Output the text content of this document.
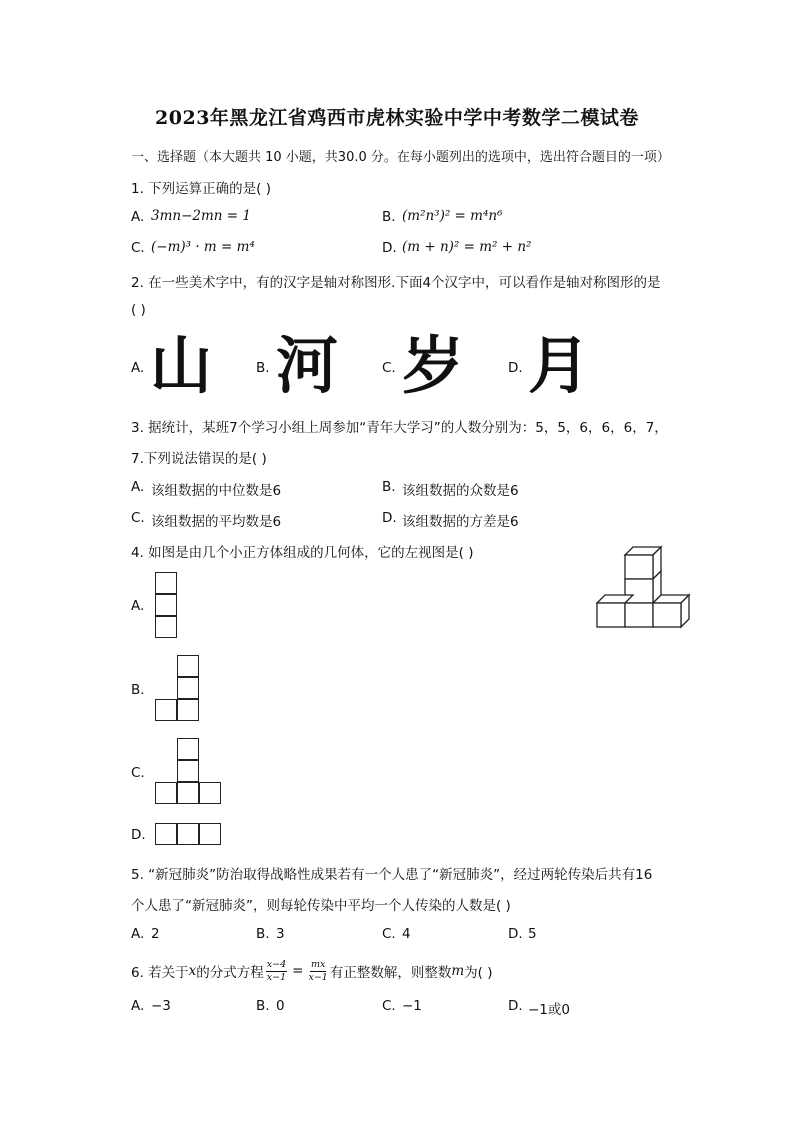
2023年黑龙江省鸡西市虎林实验中学中考数学二模试卷
一、选择题（本大题共 10 小题，共30.0 分。在每小题列出的选项中，选出符合题目的一项）
1. 下列运算正确的是( )
A. 3mn−2mn = 1	B. (m²n³)² = m⁴n⁶
C. (−m)³ · m = m⁴	D. (m + n)² = m² + n²
2. 在一些美术字中，有的汉字是轴对称图形.下面4个汉字中，可以看作是轴对称图形的是
( )
A. 山	B. 河	C. 岁	D. 月
3. 据统计，某班7个学习小组上周参加“青年大学习”的人数分别为：5，5，6，6，6，7，
7.下列说法错误的是( )
A. 该组数据的中位数是6	B. 该组数据的众数是6
C. 该组数据的平均数是6	D. 该组数据的方差是6
4. 如图是由几个小正方体组成的几何体，它的左视图是( )
A.
B.
C.
D.
5. “新冠肺炎”防治取得战略性成果若有一个人患了“新冠肺炎”，经过两轮传染后共有16
个人患了“新冠肺炎”，则每轮传染中平均一个人传染的人数是( )
A. 2	B. 3	C. 4	D. 5
6. 若关于 x 的分式方程 $\frac{x-4}{x-1} = \frac{mx}{x-1}$ 有正整数解，则整数 m 为( )
A. −3	B. 0	C. −1	D. −1或0
